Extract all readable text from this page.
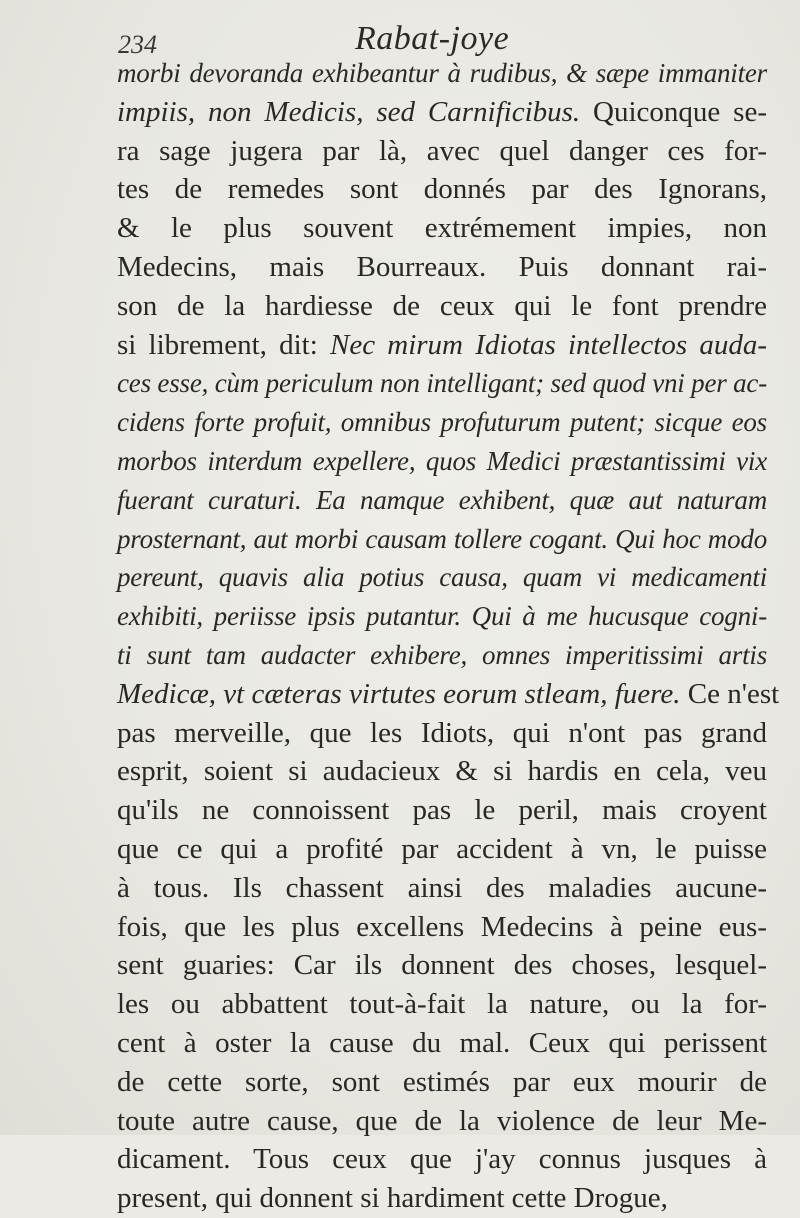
234	Rabat-joye
morbi devoranda exhibeantur à rudibus, & sæpe immaniter
impiis, non Medicis, sed Carnificibus. Quiconque se-
ra sage jugera par là, avec quel danger ces for-
tes de remedes sont donnés par des Ignorans,
& le plus souvent extrémement impies, non
Medecins, mais Bourreaux. Puis donnant rai-
son de la hardiesse de ceux qui le font prendre
si librement, dit: Nec mirum Idiotas intellectos auda-
ces esse, cùm periculum non intelligant; sed quod vni per ac-
cidens forte profuit, omnibus profuturum putent; sicque eos
morbos interdum expellere, quos Medici præstantissimi vix
fuerant curaturi. Ea namque exhibent, quæ aut naturam
prosternant, aut morbi causam tollere cogant. Qui hoc modo
pereunt, quavis alia potius causa, quam vi medicamenti
exhibiti, periisse ipsis putantur. Qui à me hucusque cogni-
ti sunt tam audacter exhibere, omnes imperitissimi artis
Medicæ, vt cæteras virtutes eorum stleam, fuere. Ce n'est
pas merveille, que les Idiots, qui n'ont pas grand
esprit, soient si audacieux & si hardis en cela, veu
qu'ils ne connoissent pas le peril, mais croyent
que ce qui a profité par accident à vn, le puisse
à tous. Ils chassent ainsi des maladies aucune-
fois, que les plus excellens Medecins à peine eus-
sent guaries: Car ils donnent des choses, lesquel-
les ou abbattent tout-à-fait la nature, ou la for-
cent à oster la cause du mal. Ceux qui perissent
de cette sorte, sont estimés par eux mourir de
toute autre cause, que de la violence de leur Me-
dicament. Tous ceux que j'ay connus jusques à
present, qui donnent si hardiment cette Drogue,
